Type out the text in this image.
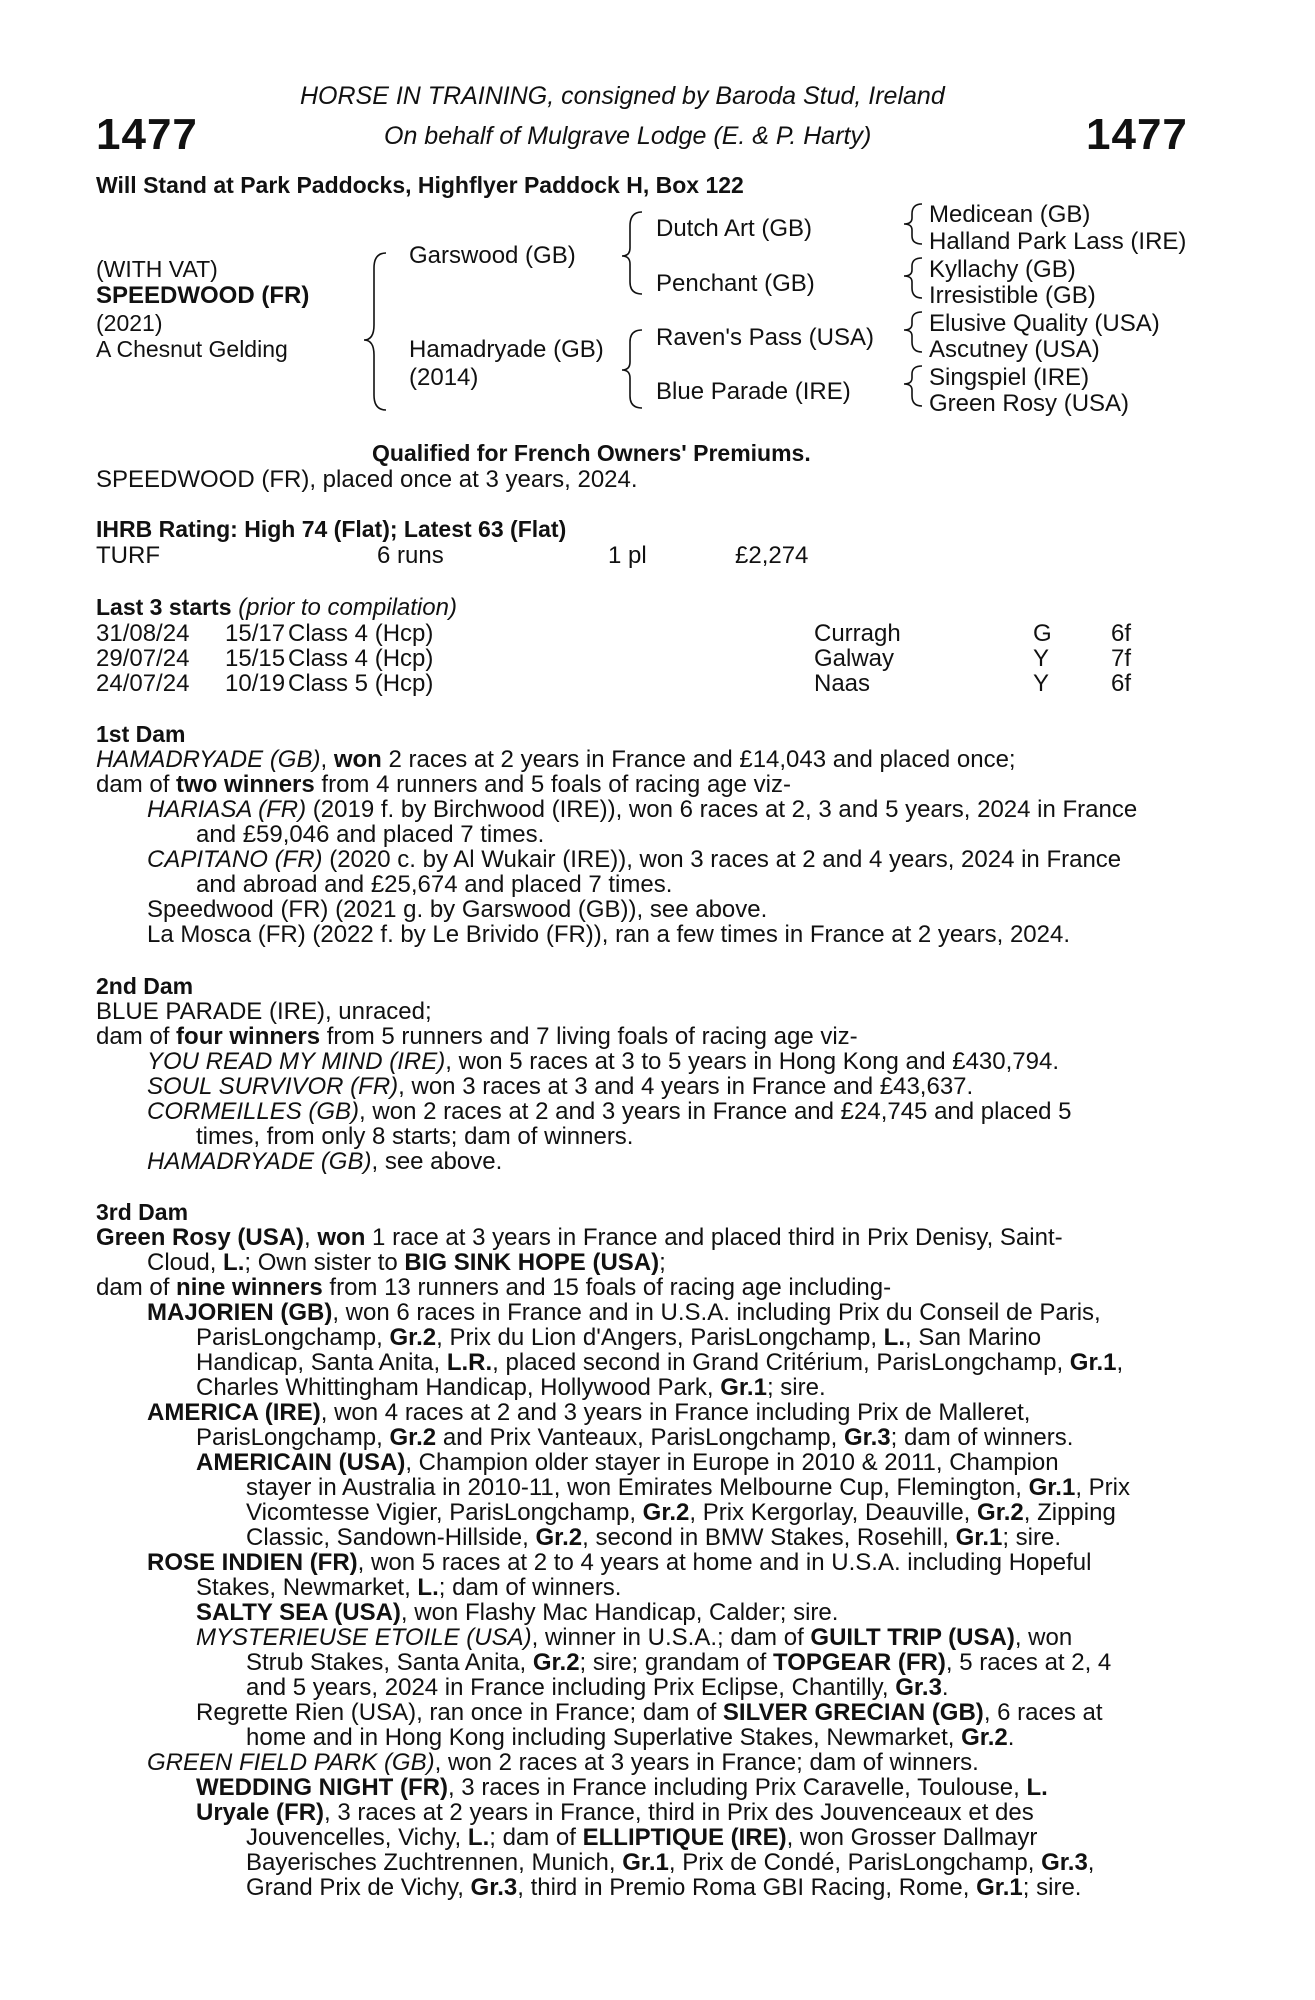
1477	1477
HORSE IN TRAINING, consigned by Baroda Stud, Ireland
On behalf of Mulgrave Lodge (E. & P. Harty)
Will Stand at Park Paddocks, Highflyer Paddock H, Box 122
(WITH VAT)
SPEEDWOOD (FR)
(2021)
A Chesnut Gelding
Garswood (GB)
Hamadryade (GB)
(2014)
Dutch Art (GB)
Penchant (GB)
Raven's Pass (USA)
Blue Parade (IRE)
Medicean (GB)
Halland Park Lass (IRE)
Kyllachy (GB)
Irresistible (GB)
Elusive Quality (USA)
Ascutney (USA)
Singspiel (IRE)
Green Rosy (USA)
Qualified for French Owners' Premiums.
SPEEDWOOD (FR), placed once at 3 years, 2024.
IHRB Rating: High 74 (Flat); Latest 63 (Flat)
TURF	6 runs	1 pl	£2,274
Last 3 starts (prior to compilation)
31/08/24 15/17 Class 4 (Hcp)	Curragh	G 6f
29/07/24 15/15 Class 4 (Hcp)	Galway	Y	7f
24/07/24 10/19 Class 5 (Hcp)	Naas	Y	6f
1st Dam
HAMADRYADE (GB), won 2 races at 2 years in France and £14,043 and placed once;
dam of two winners from 4 runners and 5 foals of racing age viz-
HARIASA (FR) (2019 f. by Birchwood (IRE)), won 6 races at 2, 3 and 5 years, 2024 in France
and £59,046 and placed 7 times.
CAPITANO (FR) (2020 c. by Al Wukair (IRE)), won 3 races at 2 and 4 years, 2024 in France
and abroad and £25,674 and placed 7 times.
Speedwood (FR) (2021 g. by Garswood (GB)), see above.
La Mosca (FR) (2022 f. by Le Brivido (FR)), ran a few times in France at 2 years, 2024.
2nd Dam
BLUE PARADE (IRE), unraced;
dam of four winners from 5 runners and 7 living foals of racing age viz-
YOU READ MY MIND (IRE), won 5 races at 3 to 5 years in Hong Kong and £430,794.
SOUL SURVIVOR (FR), won 3 races at 3 and 4 years in France and £43,637.
CORMEILLES (GB), won 2 races at 2 and 3 years in France and £24,745 and placed 5
times, from only 8 starts; dam of winners.
HAMADRYADE (GB), see above.
3rd Dam
Green Rosy (USA), won 1 race at 3 years in France and placed third in Prix Denisy, Saint-
Cloud, L.; Own sister to BIG SINK HOPE (USA);
dam of nine winners from 13 runners and 15 foals of racing age including-
MAJORIEN (GB), won 6 races in France and in U.S.A. including Prix du Conseil de Paris,
ParisLongchamp, Gr.2, Prix du Lion d'Angers, ParisLongchamp, L., San Marino
Handicap, Santa Anita, L.R., placed second in Grand Critérium, ParisLongchamp, Gr.1,
Charles Whittingham Handicap, Hollywood Park, Gr.1; sire.
AMERICA (IRE), won 4 races at 2 and 3 years in France including Prix de Malleret,
ParisLongchamp, Gr.2 and Prix Vanteaux, ParisLongchamp, Gr.3; dam of winners.
AMERICAIN (USA), Champion older stayer in Europe in 2010 & 2011, Champion
stayer in Australia in 2010-11, won Emirates Melbourne Cup, Flemington, Gr.1, Prix
Vicomtesse Vigier, ParisLongchamp, Gr.2, Prix Kergorlay, Deauville, Gr.2, Zipping
Classic, Sandown-Hillside, Gr.2, second in BMW Stakes, Rosehill, Gr.1; sire.
ROSE INDIEN (FR), won 5 races at 2 to 4 years at home and in U.S.A. including Hopeful
Stakes, Newmarket, L.; dam of winners.
SALTY SEA (USA), won Flashy Mac Handicap, Calder; sire.
MYSTERIEUSE ETOILE (USA), winner in U.S.A.; dam of GUILT TRIP (USA), won
Strub Stakes, Santa Anita, Gr.2; sire; grandam of TOPGEAR (FR), 5 races at 2, 4
and 5 years, 2024 in France including Prix Eclipse, Chantilly, Gr.3.
Regrette Rien (USA), ran once in France; dam of SILVER GRECIAN (GB), 6 races at
home and in Hong Kong including Superlative Stakes, Newmarket, Gr.2.
GREEN FIELD PARK (GB), won 2 races at 3 years in France; dam of winners.
WEDDING NIGHT (FR), 3 races in France including Prix Caravelle, Toulouse, L.
Uryale (FR), 3 races at 2 years in France, third in Prix des Jouvenceaux et des
Jouvencelles, Vichy, L.; dam of ELLIPTIQUE (IRE), won Grosser Dallmayr
Bayerisches Zuchtrennen, Munich, Gr.1, Prix de Condé, ParisLongchamp, Gr.3,
Grand Prix de Vichy, Gr.3, third in Premio Roma GBI Racing, Rome, Gr.1; sire.
